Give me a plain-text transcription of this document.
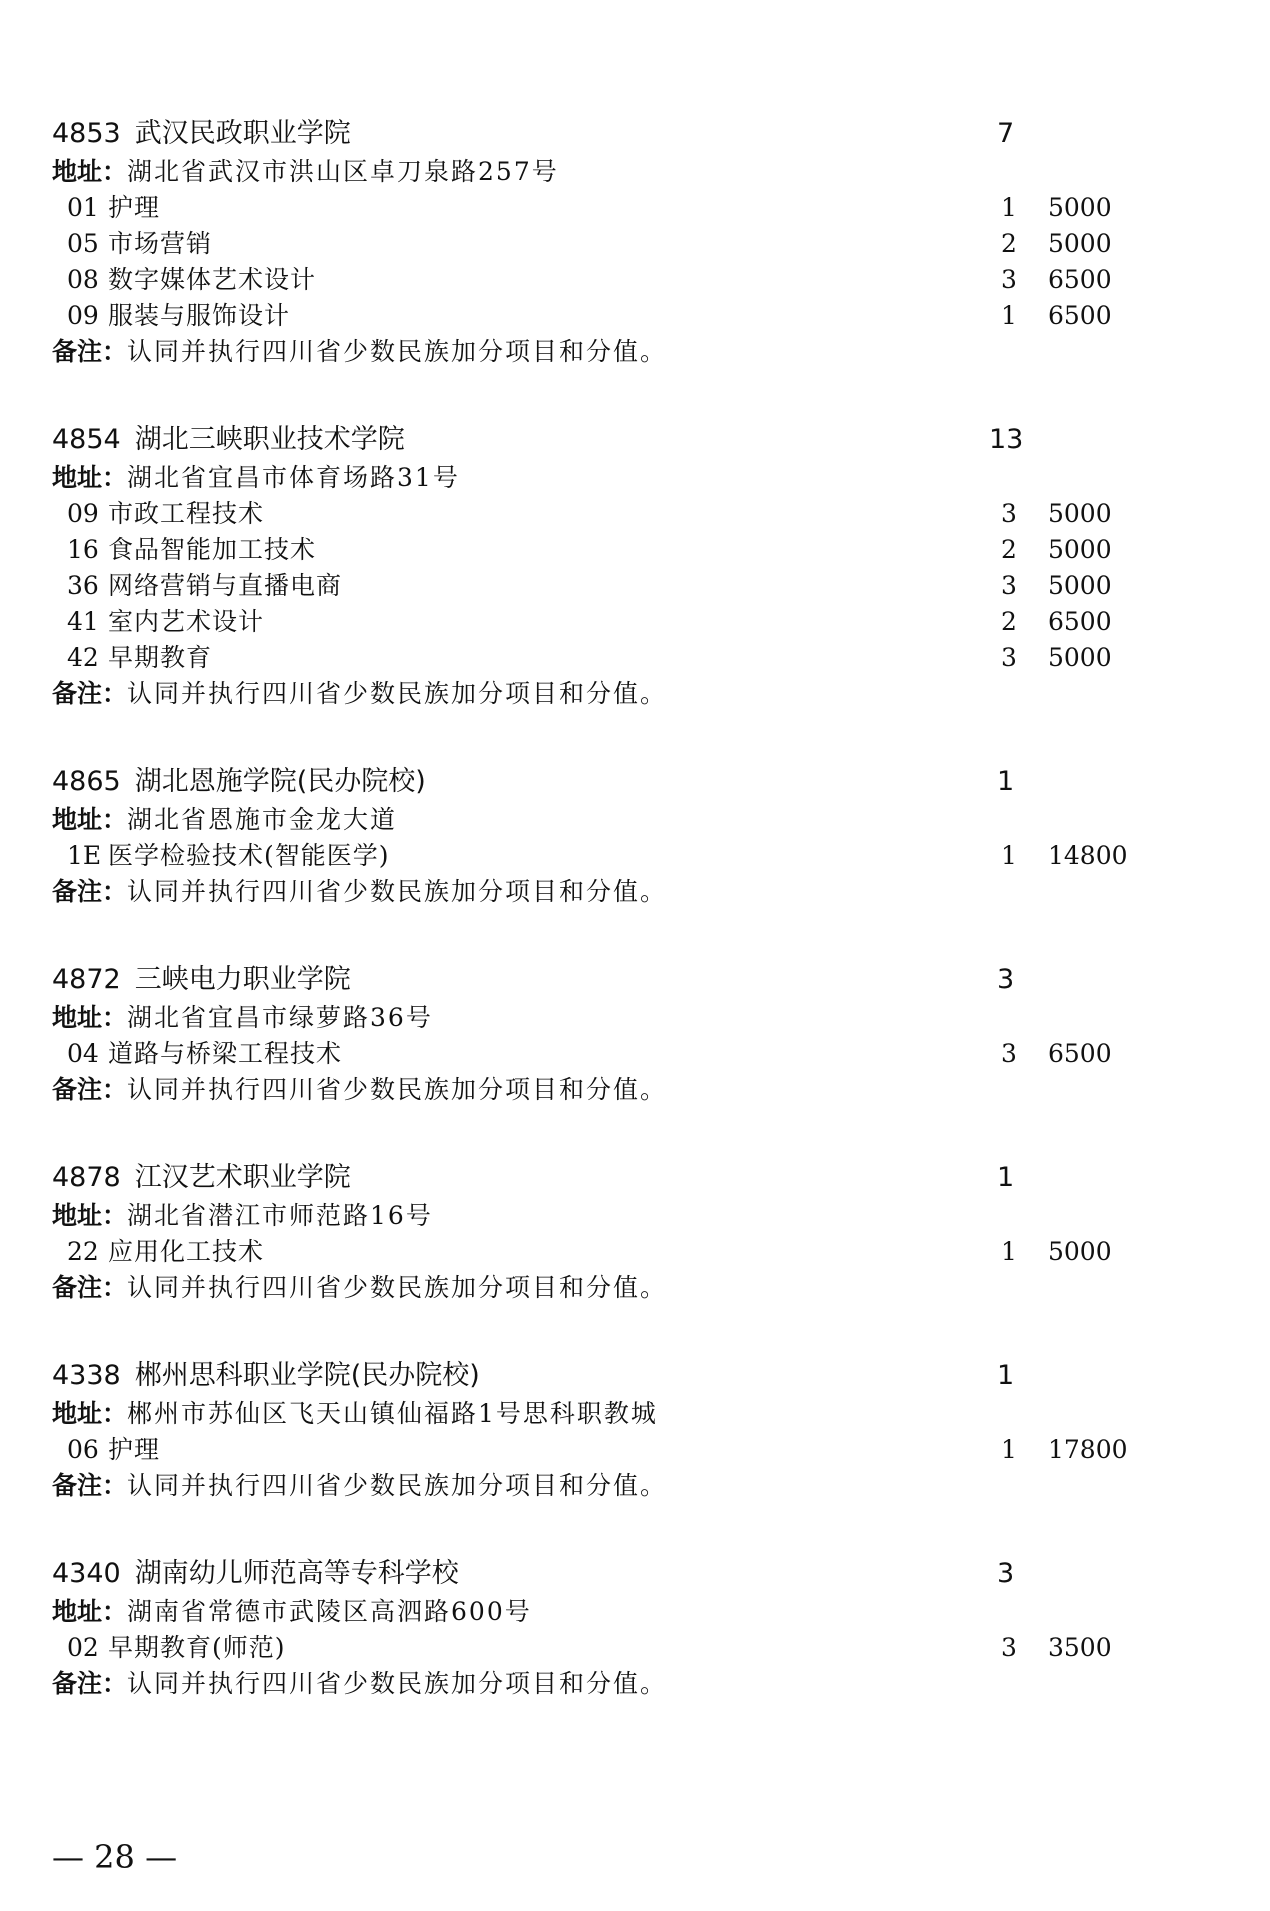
4853 武汉民政职业学院	7
地址：湖北省武汉市洪山区卓刀泉路257号
01 护理	1 5000
05 市场营销	2 5000
08 数字媒体艺术设计	3 6500
09 服装与服饰设计	1 6500
备注：认同并执行四川省少数民族加分项目和分值。
4854 湖北三峡职业技术学院	13
地址：湖北省宜昌市体育场路31号
09 市政工程技术	3 5000
16 食品智能加工技术	2 5000
36 网络营销与直播电商	3 5000
41 室内艺术设计	2 6500
42 早期教育	3 5000
备注：认同并执行四川省少数民族加分项目和分值。
4865 湖北恩施学院(民办院校)	1
地址：湖北省恩施市金龙大道
1E 医学检验技术(智能医学)	1 14800
备注：认同并执行四川省少数民族加分项目和分值。
4872 三峡电力职业学院	3
地址：湖北省宜昌市绿萝路36号
04 道路与桥梁工程技术	3 6500
备注：认同并执行四川省少数民族加分项目和分值。
4878 江汉艺术职业学院	1
地址：湖北省潜江市师范路16号
22 应用化工技术	1 5000
备注：认同并执行四川省少数民族加分项目和分值。
4338 郴州思科职业学院(民办院校)	1
地址：郴州市苏仙区飞天山镇仙福路1号思科职教城
06 护理	1 17800
备注：认同并执行四川省少数民族加分项目和分值。
4340 湖南幼儿师范高等专科学校	3
地址：湖南省常德市武陵区高泗路600号
02 早期教育(师范)	3 3500
备注：认同并执行四川省少数民族加分项目和分值。
— 28 —
